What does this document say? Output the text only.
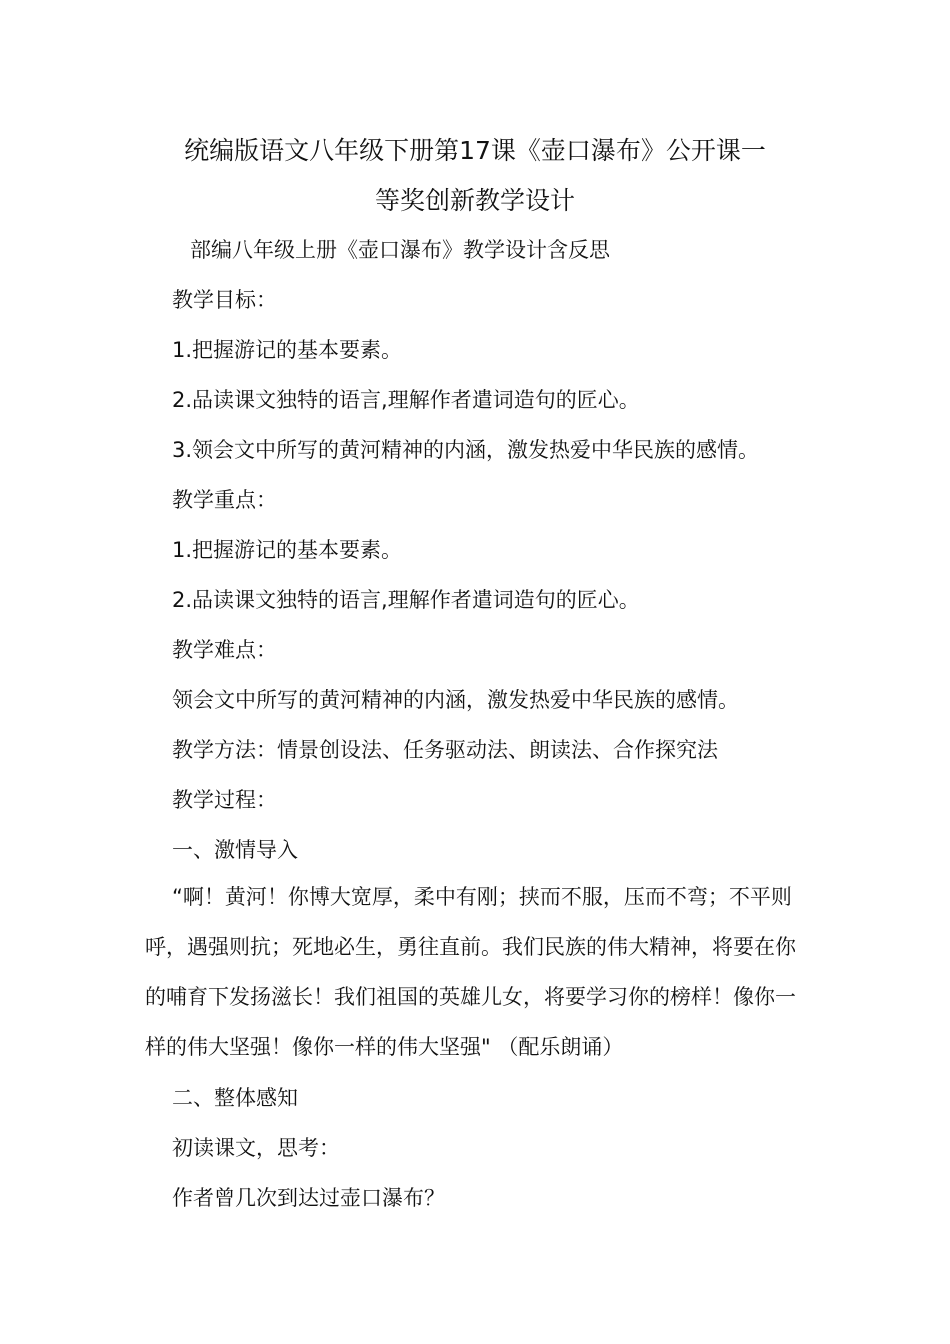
统编版语文八年级下册第17课《壶口瀑布》公开课一
等奖创新教学设计
部编八年级上册《壶口瀑布》教学设计含反思
教学目标：
1.把握游记的基本要素。
2.品读课文独特的语言,理解作者遣词造句的匠心。
3.领会文中所写的黄河精神的内涵，激发热爱中华民族的感情。
教学重点：
1.把握游记的基本要素。
2.品读课文独特的语言,理解作者遣词造句的匠心。
教学难点：
领会文中所写的黄河精神的内涵，激发热爱中华民族的感情。
教学方法：情景创设法、任务驱动法、朗读法、合作探究法
教学过程：
一、激情导入

“啊！黄河！你博大宽厚，柔中有刚；挟而不服，压而不弯；不平则呼，遇强则抗；死地必生，勇往直前。我们民族的伟大精神，将要在你的哺育下发扬滋长！我们祖国的英雄儿女，将要学习你的榜样！像你一样的伟大坚强！像你一样的伟大坚强" （配乐朗诵）

二、整体感知
初读课文，思考：
作者曾几次到达过壶口瀑布？
